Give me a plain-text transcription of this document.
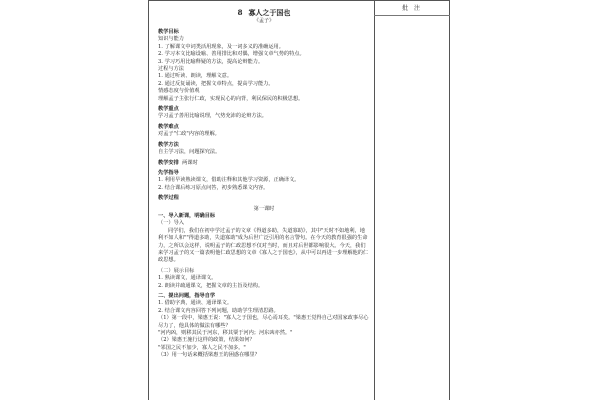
批 注
8 寡人之于国也
《孟子》

教学目标

知识与能力

1. 了解课文中词类活用现象，及一词多义的准确运用。

2. 学习本文比喻设喻、善用排比和对偶，增强文章气势的特点。

3. 学习巧用比喻释疑的方法，提高论辩能力。

过程与方法

1. 通过听读、朗读，理解文意。

2. 通过反复诵读，把握文章特点，提高学习能力。

情感态度与价值观

理解孟子主张行仁政，实现民心的向背，利民保民的积极思想。

教学重点

学习孟子善用比喻说理，气势充沛的论辩方法。

教学难点

对孟子"仁政"内容的理解。

教学方法

自主学习法，问题探究法。

教学安排 两课时

先学指导

1. 利用早读熟读课文，借助注释和其他学习资源，正确译文。

2. 结合课后练习原点问答，初步熟悉课文内容。

教学过程

第一课时

一、导入新课，明确目标

（一）导入

同学们，我们在初中学过孟子的文章《得道多助，失道寡助》，其中"天时不如地利，地利不如人和""得道多助，失道寡助"成为后世广泛引用的名言警句。在今天的教育很强的生命力，之所以会这样，说明孟子的仁政思想不仅对当时，而且对后世都影响很大。今天，我们来学习孟子的又一篇表明他仁政思想的文章《寡人之于国也》，从中可以再进一步理解他的仁政思想。

（二）展示目标

1. 熟读课文，通译课文。

2. 朗读并疏通课文，把握文章的主旨及结构。

二、提出问题，指导自学

1. 借助字典，通读、通译课文。

2. 结合课文内容回答下列问题，助助学生理清思路。

（1）第一段中，梁惠王说："寡人之于国也，尽心焉耳矣。"梁惠王觉得自己对国家政事尽心尽力了，他具体的做法有哪些？

"河内凶，则移其民于河东，移其粟于河内；河东凶亦然。"

（2）梁惠王施行这样的政策，结果如何？

"邻国之民不加少，寡人之民不加多。"

（3）用一句话来概括梁惠王的困惑在哪里？
